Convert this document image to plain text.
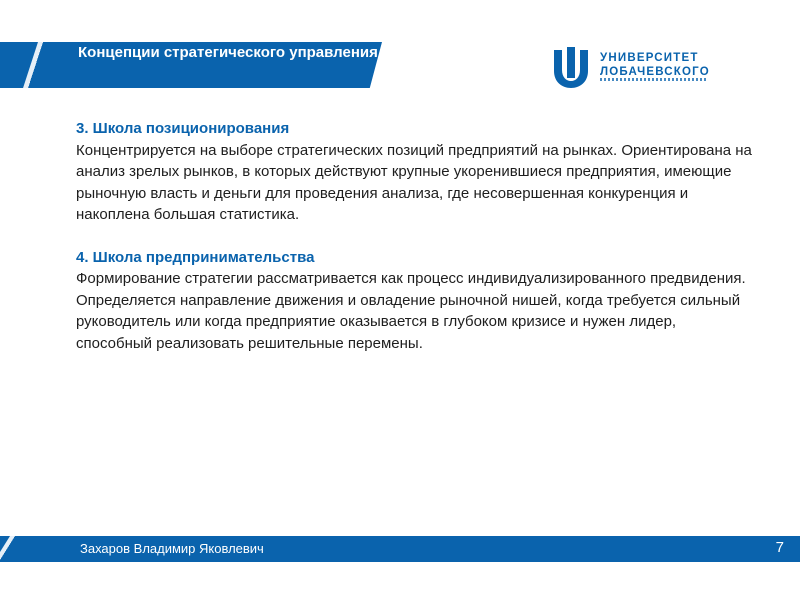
Концепции стратегического управления	УНИВЕРСИТЕТ
ЛОБАЧЕВСКОГО
3. Школа позиционирования
Концентрируется на выборе стратегических позиций предприятий на рынках. Ориентирована на анализ зрелых рынков, в которых действуют крупные укоренившиеся предприятия, имеющие рыночную власть и деньги для проведения анализа, где несовершенная конкуренция и накоплена большая статистика.
4. Школа предпринимательства
Формирование стратегии рассматривается как процесс индивидуализированного предвидения. Определяется направление движения и овладение рыночной нишей, когда требуется сильный руководитель или когда предприятие оказывается в глубоком кризисе и нужен лидер, способный реализовать решительные перемены.
Захаров Владимир Яковлевич	7
